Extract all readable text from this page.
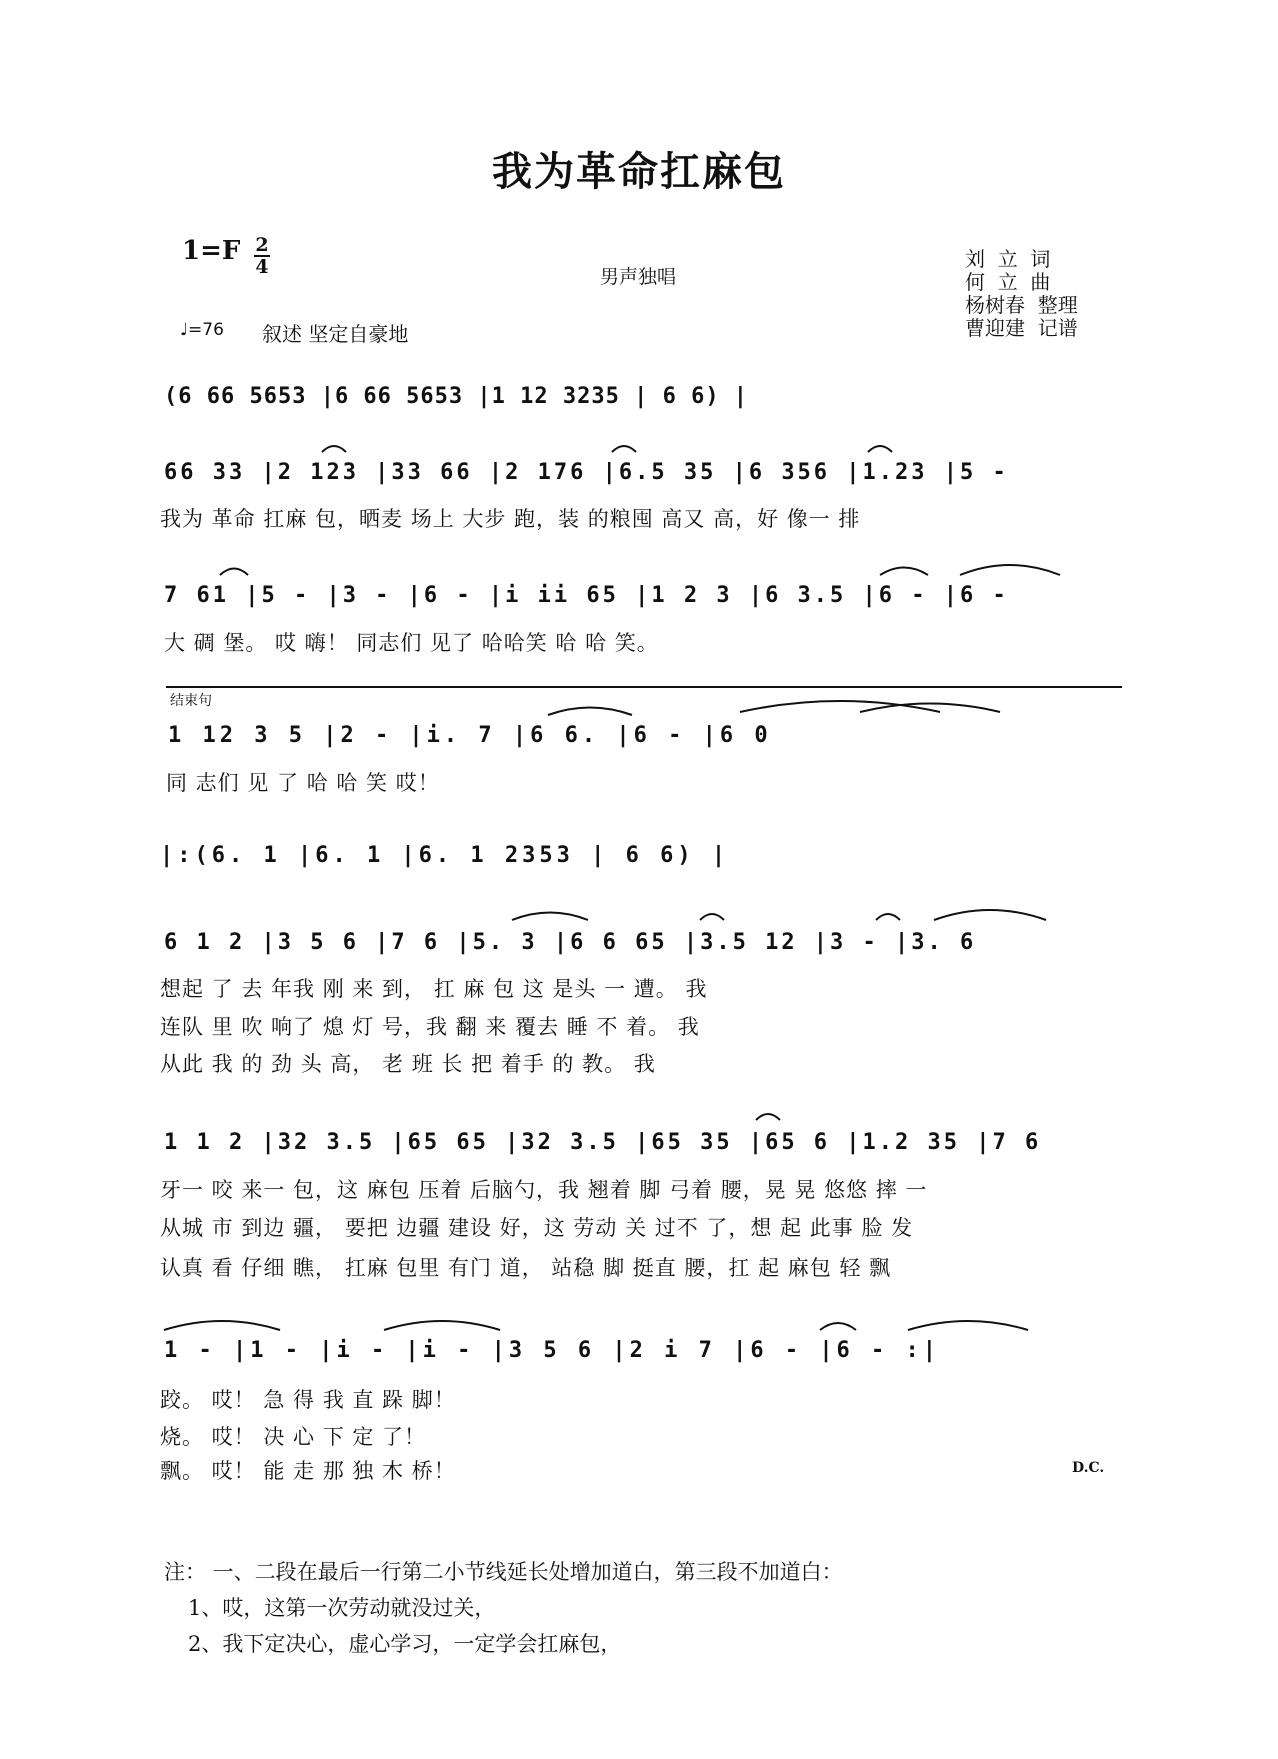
我为革命扛麻包
1=F 2
4	男声独唱
刘  立  词
何  立  曲
杨树春  整理
曹迎建  记谱
♩=76 叙述 坚定自豪地
(6 66 5653 |6 66 5653 |1 12 3235 | 6 6) |
66 33 |2 123 |33 66 |2 176 |6.5 35 |6 356 |1.23 |5 -
我为 革命 扛麻 包，晒麦 场上 大步 跑，装 的粮囤 高又 高，好 像一 排
7 61 |5 - |3 - |6 - |i ii 65 |1 2 3 |6 3.5 |6 - |6 -
大 碉 堡。 哎 嗨！ 同志们 见了 哈哈笑 哈 哈 笑。
结束句
1 12 3 5 |2 - |i. 7 |6 6. |6 - |6 0
同 志们 见 了 哈 哈 笑 哎！
|:(6. 1 |6. 1 |6. 1 2353 | 6 6) |
6 1 2 |3 5 6 |7 6 |5. 3 |6 6 65 |3.5 12 |3 - |3. 6
想起 了 去 年我 刚 来 到， 扛 麻 包 这 是头 一 遭。 我
连队 里 吹 响了 熄 灯 号，我 翻 来 覆去 睡 不 着。 我
从此 我 的 劲 头 高， 老 班 长 把 着手 的 教。 我
1 1 2 |32 3.5 |65 65 |32 3.5 |65 35 |65 6 |1.2 35 |7 6
牙一 咬 来一 包，这 麻包 压着 后脑勺，我 翘着 脚 弓着 腰，晃 晃 悠悠 摔 一
从城 市 到边 疆， 要把 边疆 建设 好，这 劳动 关 过不 了，想 起 此事 脸 发
认真 看 仔细 瞧， 扛麻 包里 有门 道， 站稳 脚 挺直 腰，扛 起 麻包 轻 飘
1 - |1 - |i - |i - |3 5 6 |2 i 7 |6 - |6 - :|
跤。 哎！ 急 得 我 直 跺 脚！
烧。 哎！ 决 心 下 定 了！
飘。 哎！ 能 走 那 独 木 桥！	D.C.
注： 一、二段在最后一行第二小节线延长处增加道白，第三段不加道白：
1、哎，这第一次劳动就没过关，
2、我下定决心，虚心学习，一定学会扛麻包，
